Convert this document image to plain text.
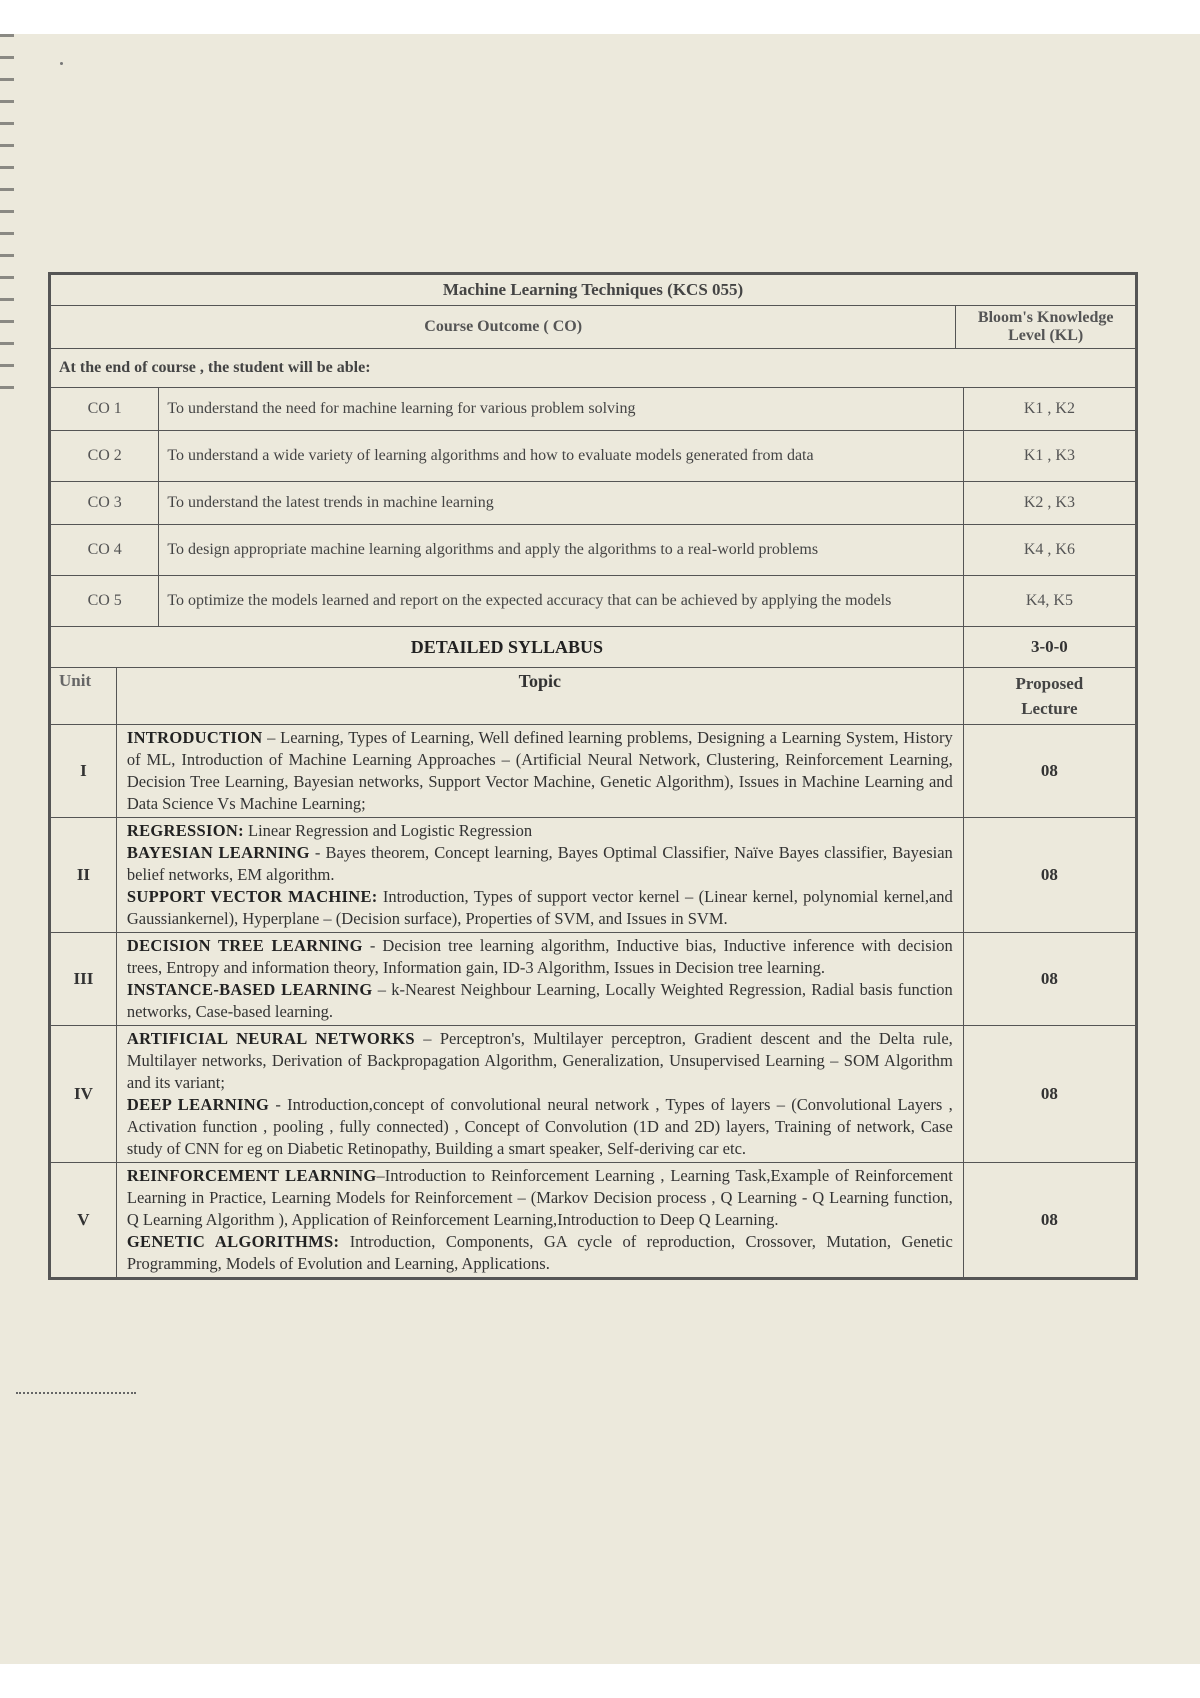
Machine Learning Techniques (KCS 055)				
Course Outcome ( CO)			Bloom's Knowledge Level (KL)	
At the end of course , the student will be able:				
CO 1		To understand the need for machine learning for various problem solving		K1 , K2
CO 2		To understand a wide variety of learning algorithms and how to evaluate models generated from data		K1 , K3
CO 3		To understand the latest trends in machine learning		K2 , K3
CO 4		To design appropriate machine learning algorithms and apply the algorithms to a real-world problems		K4 , K6
CO 5		To optimize the models learned and report on the expected accuracy that can be achieved by applying the models		K4, K5
DETAILED SYLLABUS				3-0-0
Unit	Topic			Proposed
Lecture
I	INTRODUCTION – Learning, Types of Learning, Well defined learning problems, Designing a Learning System, History of ML, Introduction of Machine Learning Approaches – (Artificial Neural Network, Clustering, Reinforcement Learning, Decision Tree Learning, Bayesian networks, Support Vector Machine, Genetic Algorithm), Issues in Machine Learning and Data Science Vs Machine Learning;			08
II	REGRESSION: Linear Regression and Logistic Regression
BAYESIAN LEARNING - Bayes theorem, Concept learning, Bayes Optimal Classifier, Naïve Bayes classifier, Bayesian belief networks, EM algorithm.
SUPPORT VECTOR MACHINE: Introduction, Types of support vector kernel – (Linear kernel, polynomial kernel,and Gaussiankernel), Hyperplane – (Decision surface), Properties of SVM, and Issues in SVM.			08
III	DECISION TREE LEARNING - Decision tree learning algorithm, Inductive bias, Inductive inference with decision trees, Entropy and information theory, Information gain, ID-3 Algorithm, Issues in Decision tree learning.
INSTANCE-BASED LEARNING – k-Nearest Neighbour Learning, Locally Weighted Regression, Radial basis function networks, Case-based learning.			08
IV	ARTIFICIAL NEURAL NETWORKS – Perceptron's, Multilayer perceptron, Gradient descent and the Delta rule, Multilayer networks, Derivation of Backpropagation Algorithm, Generalization, Unsupervised Learning – SOM Algorithm and its variant;
DEEP LEARNING - Introduction,concept of convolutional neural network , Types of layers – (Convolutional Layers , Activation function , pooling , fully connected) , Concept of Convolution (1D and 2D) layers, Training of network, Case study of CNN for eg on Diabetic Retinopathy, Building a smart speaker, Self-deriving car etc.			08
V	REINFORCEMENT LEARNING–Introduction to Reinforcement Learning , Learning Task,Example of Reinforcement Learning in Practice, Learning Models for Reinforcement – (Markov Decision process , Q Learning - Q Learning function, Q Learning Algorithm ), Application of Reinforcement Learning,Introduction to Deep Q Learning.
GENETIC ALGORITHMS: Introduction, Components, GA cycle of reproduction, Crossover, Mutation, Genetic Programming, Models of Evolution and Learning, Applications.			08
